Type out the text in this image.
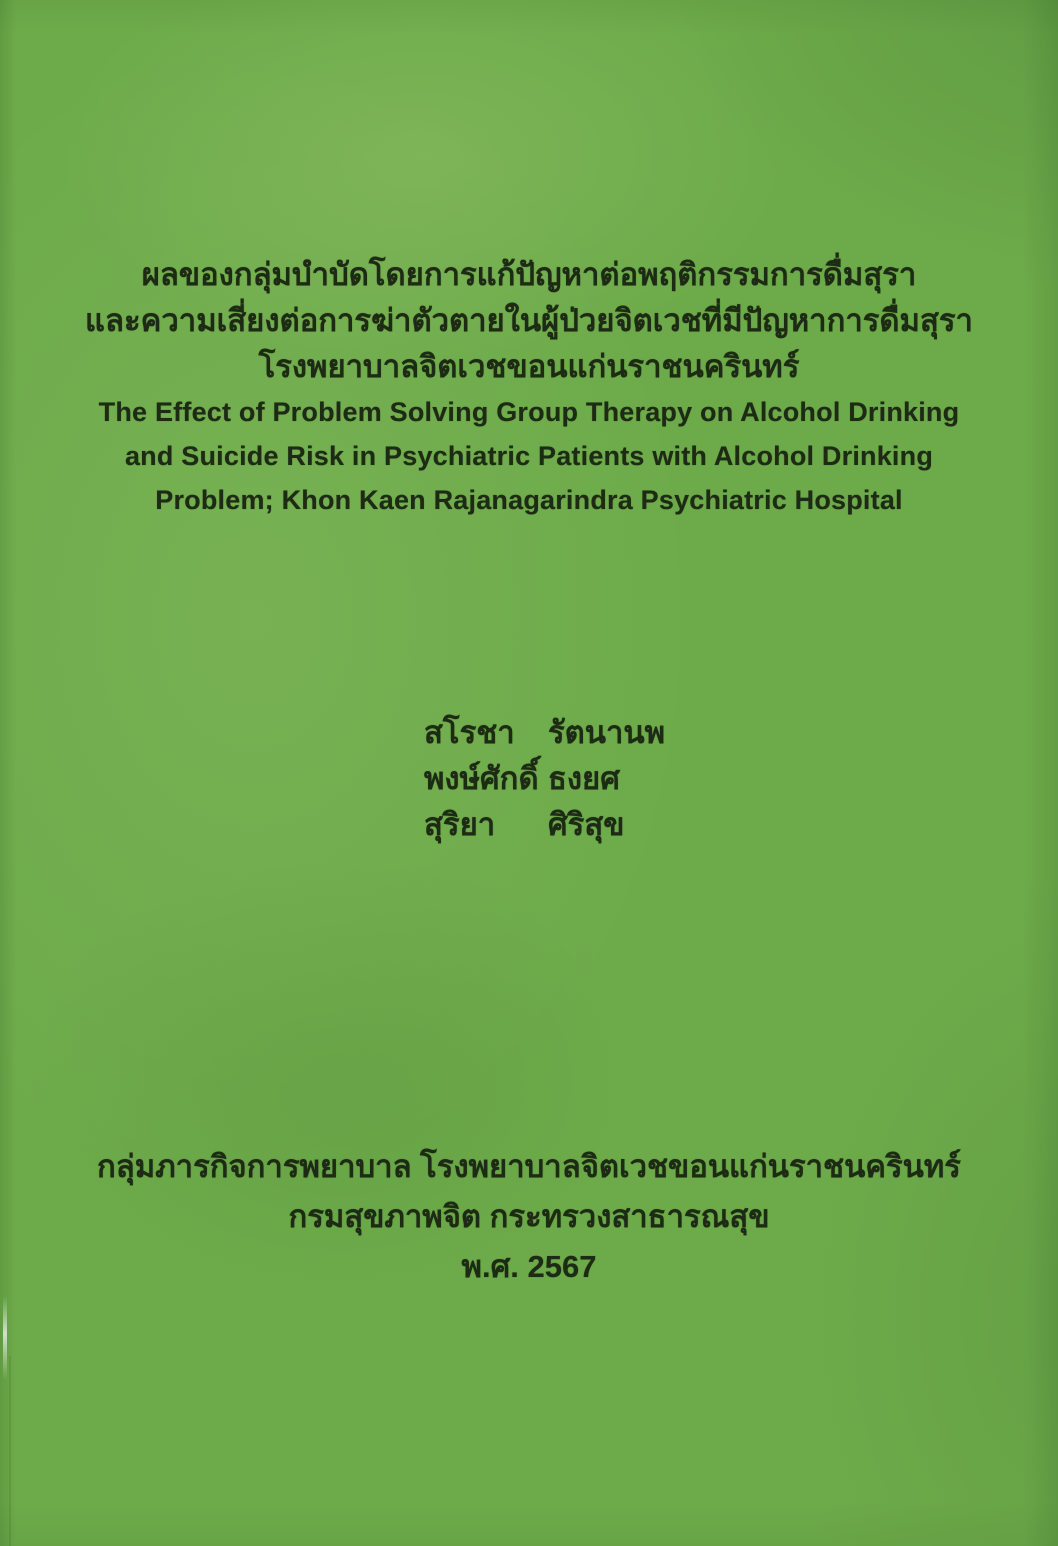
ผลของกลุ่มบำบัดโดยการแก้ปัญหาต่อพฤติกรรมการดื่มสุรา
และความเสี่ยงต่อการฆ่าตัวตายในผู้ป่วยจิตเวชที่มีปัญหาการดื่มสุรา
โรงพยาบาลจิตเวชขอนแก่นราชนครินทร์
The Effect of Problem Solving Group Therapy on Alcohol Drinking
and Suicide Risk in Psychiatric Patients with Alcohol Drinking
Problem; Khon Kaen Rajanagarindra Psychiatric Hospital
สโรชา	รัตนานพ
พงษ์ศักดิ์ ธงยศ
สุริยา	ศิริสุข
กลุ่มภารกิจการพยาบาล โรงพยาบาลจิตเวชขอนแก่นราชนครินทร์
กรมสุขภาพจิต กระทรวงสาธารณสุข
พ.ศ. 2567
